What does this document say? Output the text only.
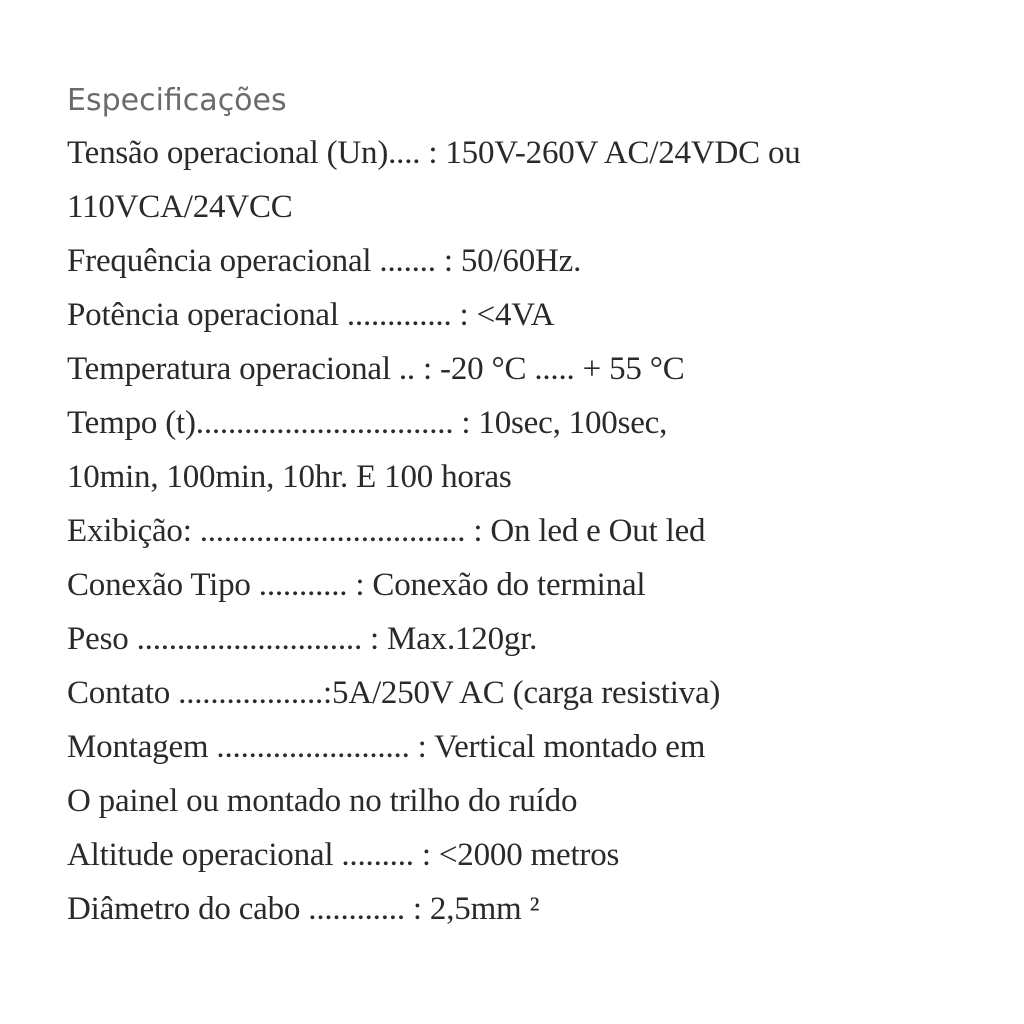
Especificações
Tensão operacional (Un).... : 150V-260V AC/24VDC ou
110VCA/24VCC
Frequência operacional ....... : 50/60Hz.
Potência operacional ............. : <4VA
Temperatura operacional .. : -20 °C ..... + 55 °C
Tempo (t)................................ : 10sec, 100sec,
10min, 100min, 10hr. E 100 horas
Exibição: ................................. : On led e Out led
Conexão Tipo ........... : Conexão do terminal
Peso ............................ : Max.120gr.
Contato ..................:5A/250V AC (carga resistiva)
Montagem ........................ : Vertical montado em
O painel ou montado no trilho do ruído
Altitude operacional ......... : <2000 metros
Diâmetro do cabo ............ : 2,5mm ²
